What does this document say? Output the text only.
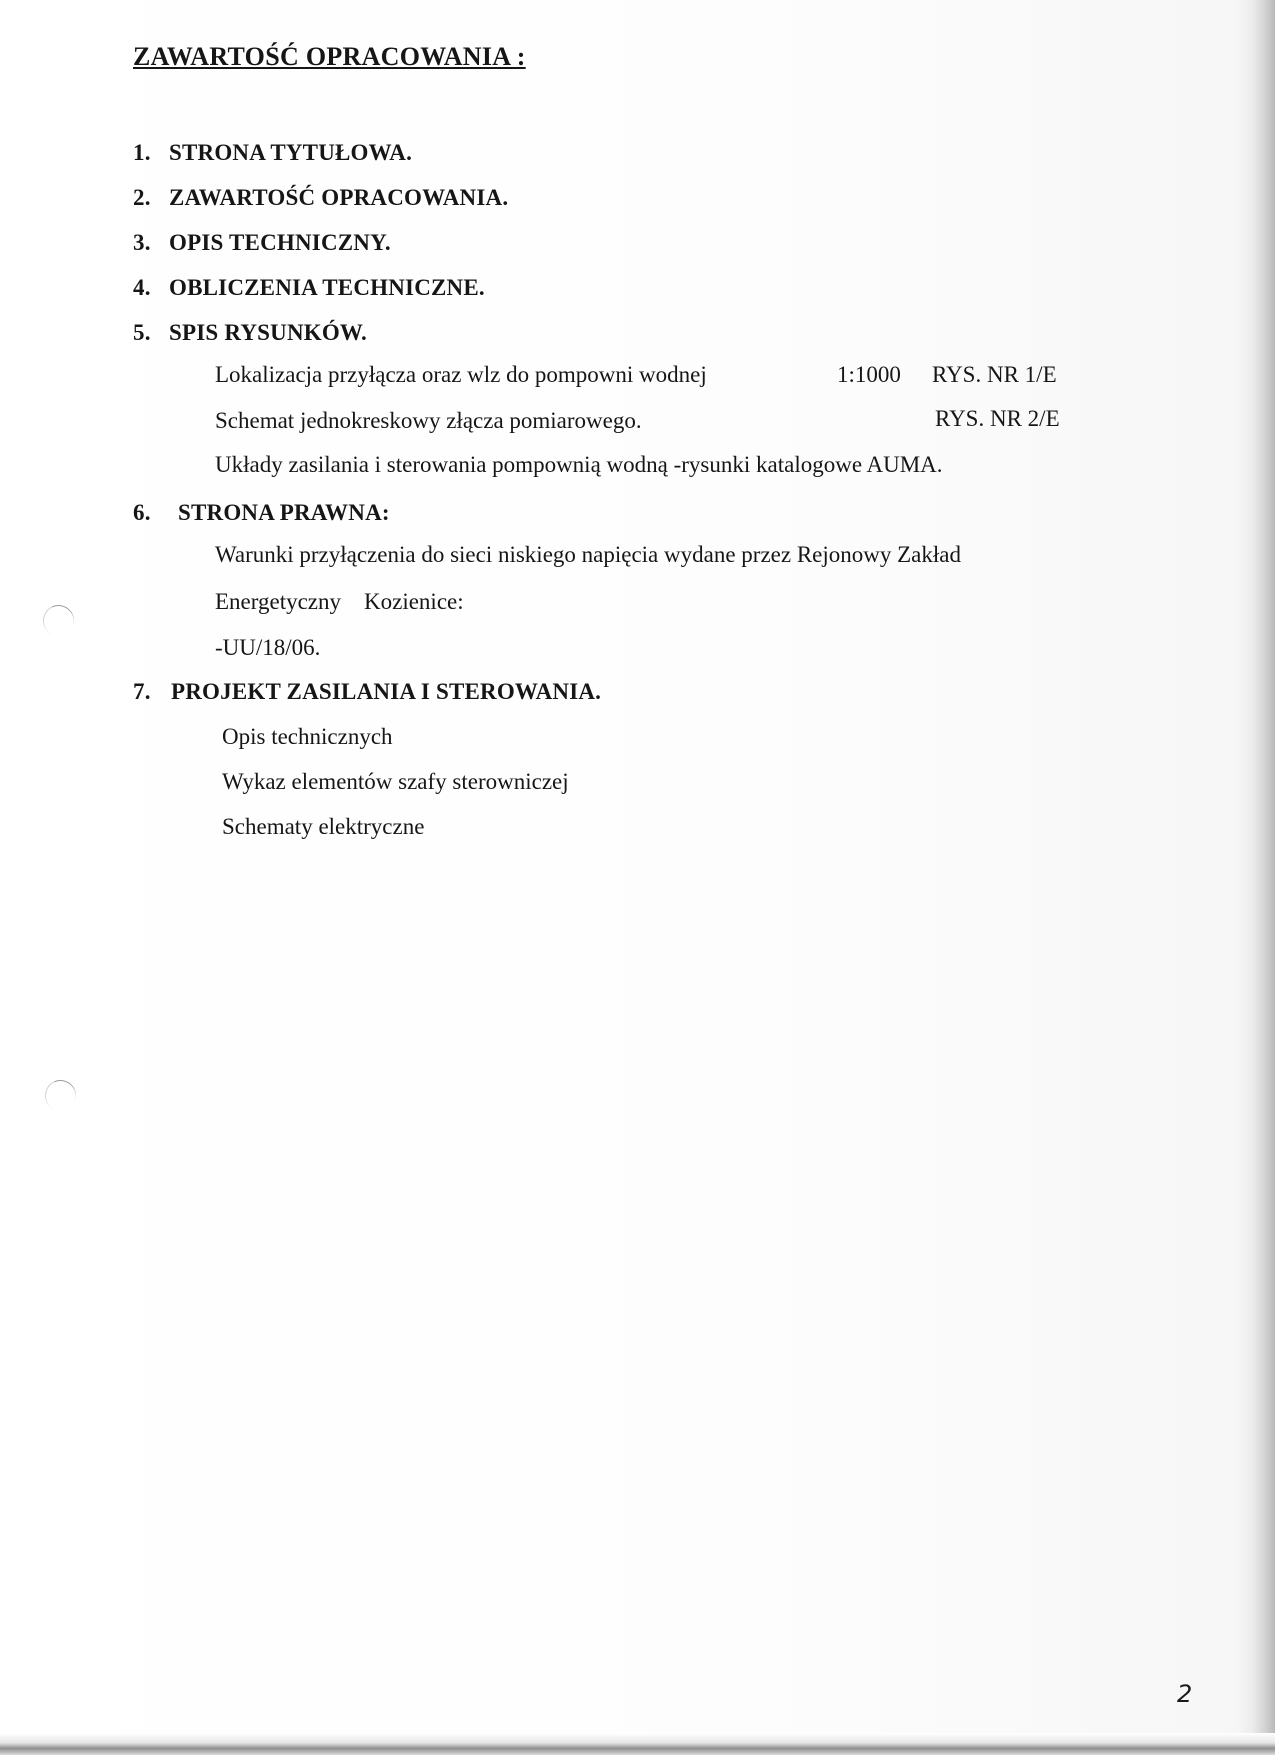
ZAWARTOŚĆ OPRACOWANIA :
1. STRONA TYTUŁOWA.
2. ZAWARTOŚĆ OPRACOWANIA.
3. OPIS TECHNICZNY.
4. OBLICZENIA TECHNICZNE.
5. SPIS RYSUNKÓW.
Lokalizacja przyłącza oraz wlz do pompowni wodnej	1:1000 RYS. NR 1/E
Schemat jednokreskowy złącza pomiarowego.	RYS. NR 2/E
Układy zasilania i sterowania pompownią wodną -rysunki katalogowe AUMA.
6. STRONA PRAWNA:
Warunki przyłączenia do sieci niskiego napięcia wydane przez Rejonowy Zakład
Energetyczny    Kozienice:
-UU/18/06.
7. PROJEKT ZASILANIA I STEROWANIA.
Opis technicznych
Wykaz elementów szafy sterowniczej
Schematy elektryczne
2
